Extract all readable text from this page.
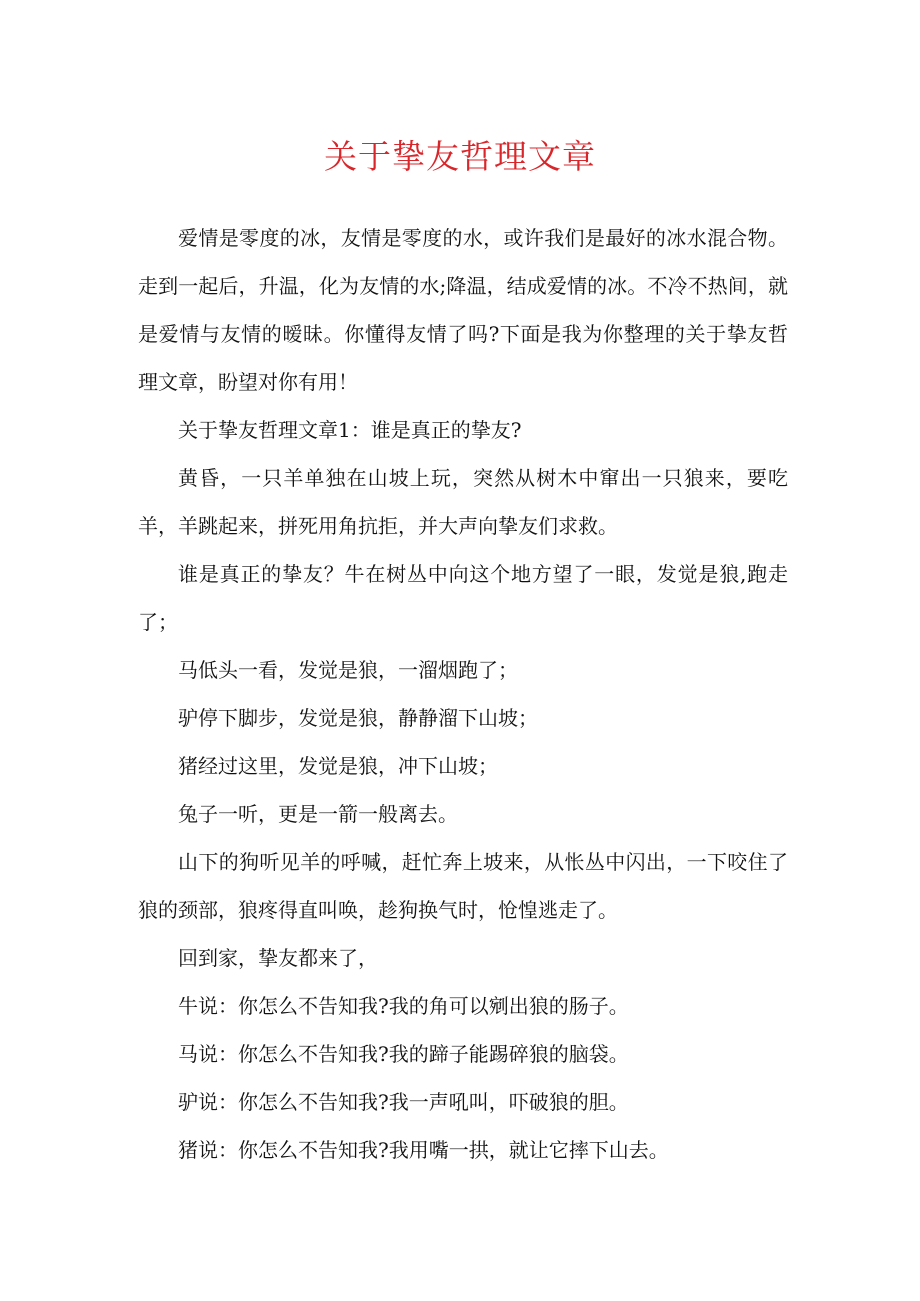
关于挚友哲理文章

爱情是零度的冰，友情是零度的水，或许我们是最好的冰水混合物。走到一起后，升温，化为友情的水;降温，结成爱情的冰。不冷不热间，就是爱情与友情的暧昧。你懂得友情了吗?下面是我为你整理的关于挚友哲理文章，盼望对你有用！

关于挚友哲理文章1：谁是真正的挚友?

黄昏，一只羊单独在山坡上玩，突然从树木中窜出一只狼来，要吃羊，羊跳起来，拼死用角抗拒，并大声向挚友们求救。

谁是真正的挚友？牛在树丛中向这个地方望了一眼，发觉是狼,跑走了；

马低头一看，发觉是狼，一溜烟跑了；

驴停下脚步，发觉是狼，静静溜下山坡；

猪经过这里，发觉是狼，冲下山坡；

兔子一听，更是一箭一般离去。

山下的狗听见羊的呼喊，赶忙奔上坡来，从怅丛中闪出，一下咬住了狼的颈部，狼疼得直叫唤，趁狗换气时，怆惶逃走了。

回到家，挚友都来了，

牛说：你怎么不告知我?我的角可以剜出狼的肠子。

马说：你怎么不告知我?我的蹄子能踢碎狼的脑袋。

驴说：你怎么不告知我?我一声吼叫，吓破狼的胆。

猪说：你怎么不告知我?我用嘴一拱，就让它摔下山去。
